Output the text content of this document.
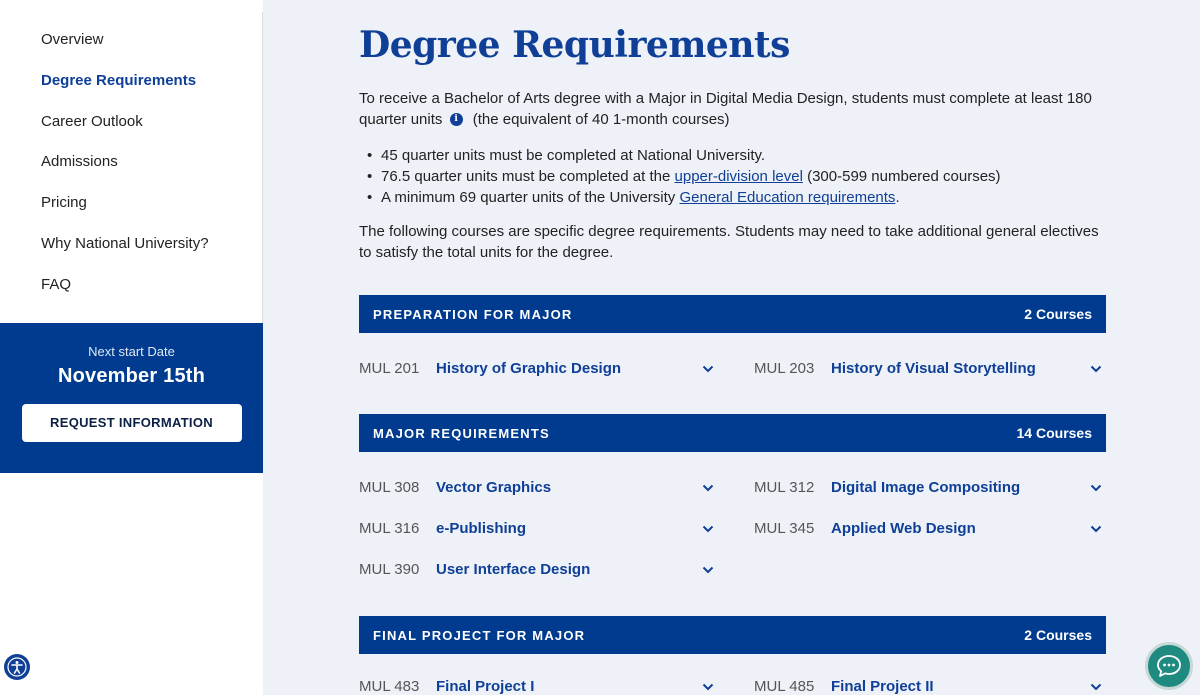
Overview
Degree Requirements
Career Outlook
Admissions
Pricing
Why National University?
FAQ
Next start Date
November 15th
REQUEST INFORMATION
Degree Requirements

To receive a Bachelor of Arts degree with a Major in Digital Media Design, students must complete at least 180 quarter units i (the equivalent of 40 1-month courses)

• 45 quarter units must be completed at National University.
• 76.5 quarter units must be completed at the upper-division level (300-599 numbered courses)
• A minimum 69 quarter units of the University General Education requirements.

The following courses are specific degree requirements. Students may need to take additional general electives to satisfy the total units for the degree.

PREPARATION FOR MAJOR	2 Courses
MUL 201	History of Graphic Design	MUL 203	History of Visual Storytelling
MAJOR REQUIREMENTS	14 Courses
MUL 308	Vector Graphics	MUL 312	Digital Image Compositing
MUL 316	e-Publishing	MUL 345	Applied Web Design
MUL 390	User Interface Design
FINAL PROJECT FOR MAJOR	2 Courses
MUL 483	Final Project I	MUL 485	Final Project II
